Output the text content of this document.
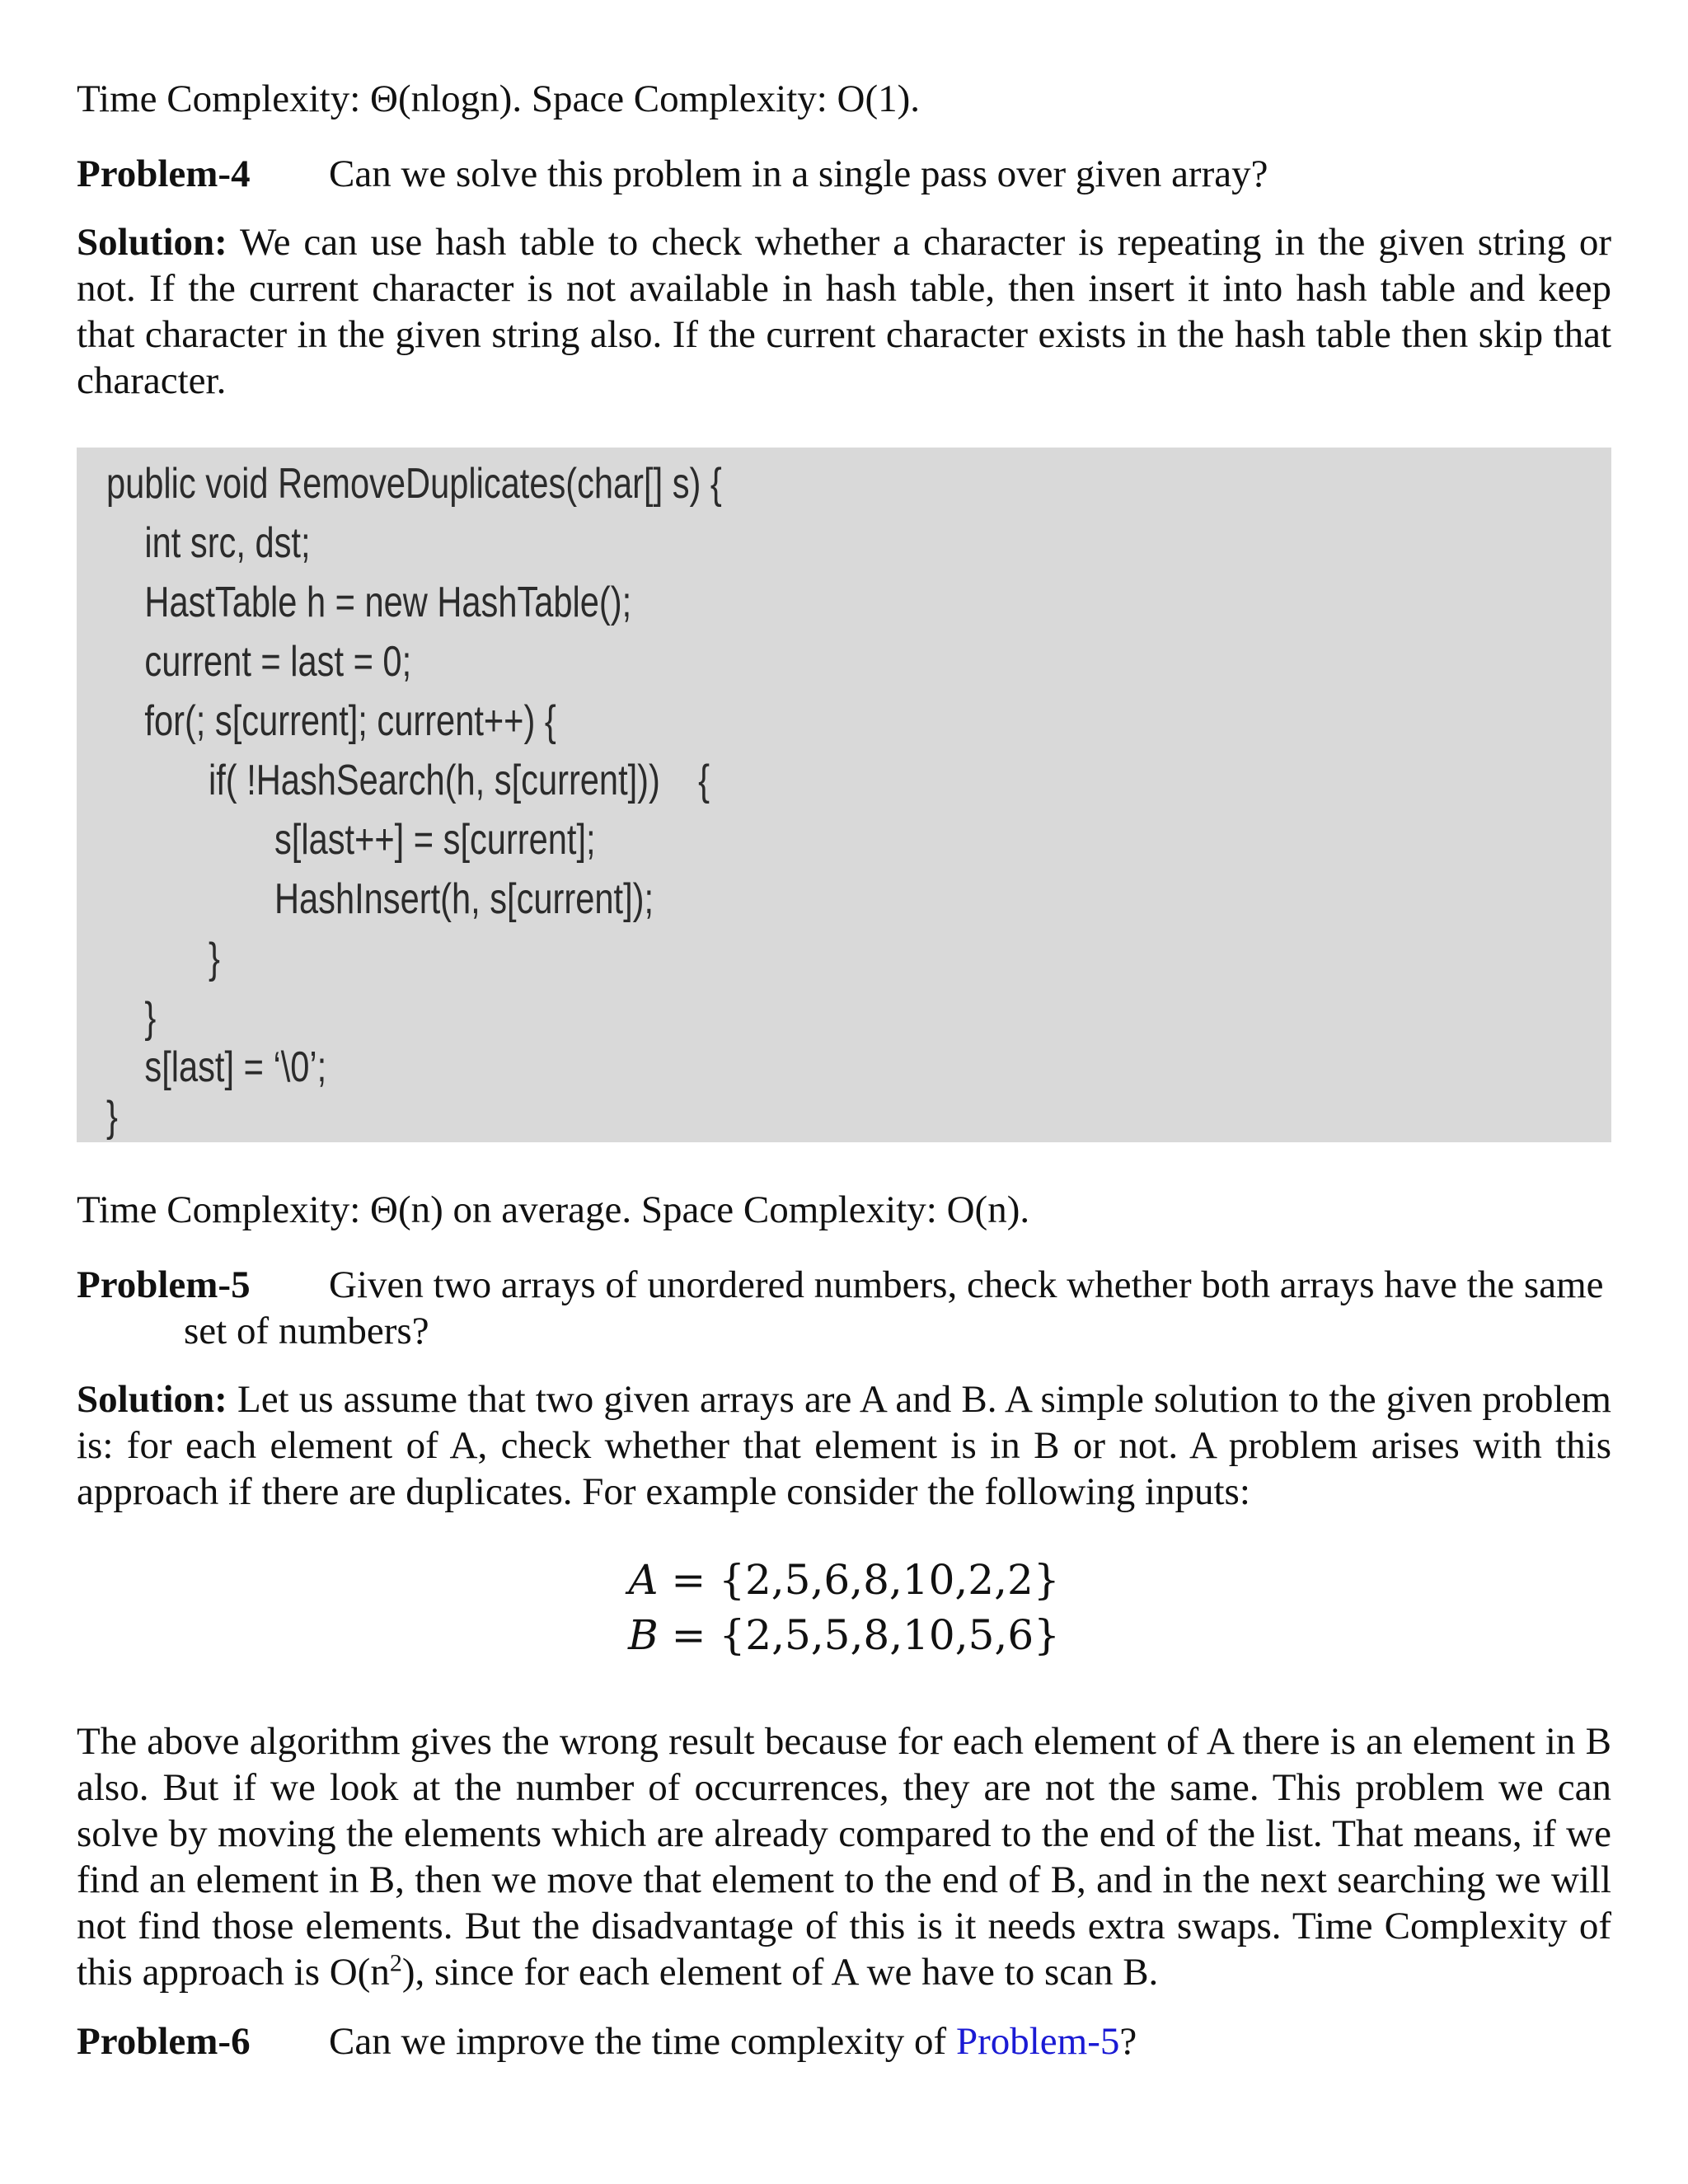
Time Complexity: Θ(nlogn). Space Complexity: O(1).

Problem-4 Can we solve this problem in a single pass over given array?

Solution: We can use hash table to check whether a character is repeating in the given string or not. If the current character is not available in hash table, then insert it into hash table and keep that character in the given string also. If the current character exists in the hash table then skip that character.

public void RemoveDuplicates(char[] s) {

int src, dst;

HastTable h = new HashTable();

current = last = 0;

for(; s[current]; current++) {

if( !HashSearch(h, s[current]))    {

s[last++] = s[current];

HashInsert(h, s[current]);

}

}

s[last] = ‘\0’;

}

Time Complexity: Θ(n) on average. Space Complexity: O(n).

Problem-5 Given two arrays of unordered numbers, check whether both arrays have the same

set of numbers?

Solution: Let us assume that two given arrays are A and B. A simple solution to the given problem is: for each element of A, check whether that element is in B or not. A problem arises with this approach if there are duplicates. For example consider the following inputs:

A = {2,5,6,8,10,2,2}
B = {2,5,5,8,10,5,6}

The above algorithm gives the wrong result because for each element of A there is an element in B also. But if we look at the number of occurrences, they are not the same. This problem we can solve by moving the elements which are already compared to the end of the list. That means, if we find an element in B, then we move that element to the end of B, and in the next searching we will not find those elements. But the disadvantage of this is it needs extra swaps. Time Complexity of this approach is $O(n^2)$, since for each element of A we have to scan B.

Problem-6 Can we improve the time complexity of Problem-5?
